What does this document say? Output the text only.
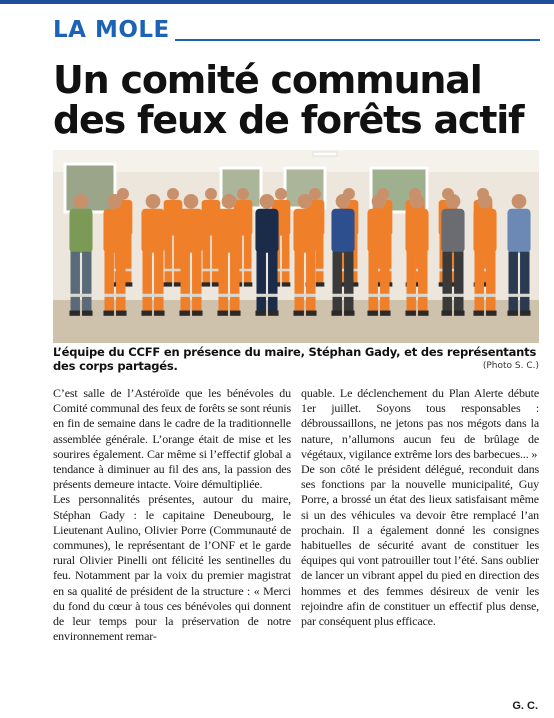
LA MOLE
Un comité communal des feux de forêts actif
L’équipe du CCFF en présence du maire, Stéphan Gady, et des représentants des corps partagés.	(Photo S. C.)

C’est salle de l’Astéroïde que les bénévoles du Comité communal des feux de forêts se sont réunis en fin de semaine dans le cadre de la traditionnelle assemblée générale. L’orange était de mise et les sourires également. Car même si l’effectif global a tendance à diminuer au fil des ans, la passion des présents demeure intacte. Voire démultipliée.

Les personnalités présentes, autour du maire, Stéphan Gady : le capitaine Deneubourg, le Lieutenant Aulino, Olivier Porre (Communauté de communes), le représentant de l’ONF et le garde rural Olivier Pinelli ont félicité les sentinelles du feu. Notamment par la voix du premier magistrat en sa qualité de président de la structure : « Merci du fond du cœur à tous ces bénévoles qui donnent de leur temps pour la préservation de notre environnement remar-

quable. Le déclenchement du Plan Alerte débute 1er juillet. Soyons tous responsables : débroussaillons, ne jetons pas nos mégots dans la nature, n’allumons aucun feu de brûlage de végétaux, vigilance extrême lors des barbecues... »

De son côté le président délégué, reconduit dans ses fonctions par la nouvelle municipalité, Guy Porre, a brossé un état des lieux satisfaisant même si un des véhicules va devoir être remplacé l’an prochain. Il a également donné les consignes habituelles de sécurité avant de constituer les équipes qui vont patrouiller tout l’été. Sans oublier de lancer un vibrant appel du pied en direction des hommes et des femmes désireux de venir les rejoindre afin de constituer un effectif plus dense, par conséquent plus efficace.

G. C.
